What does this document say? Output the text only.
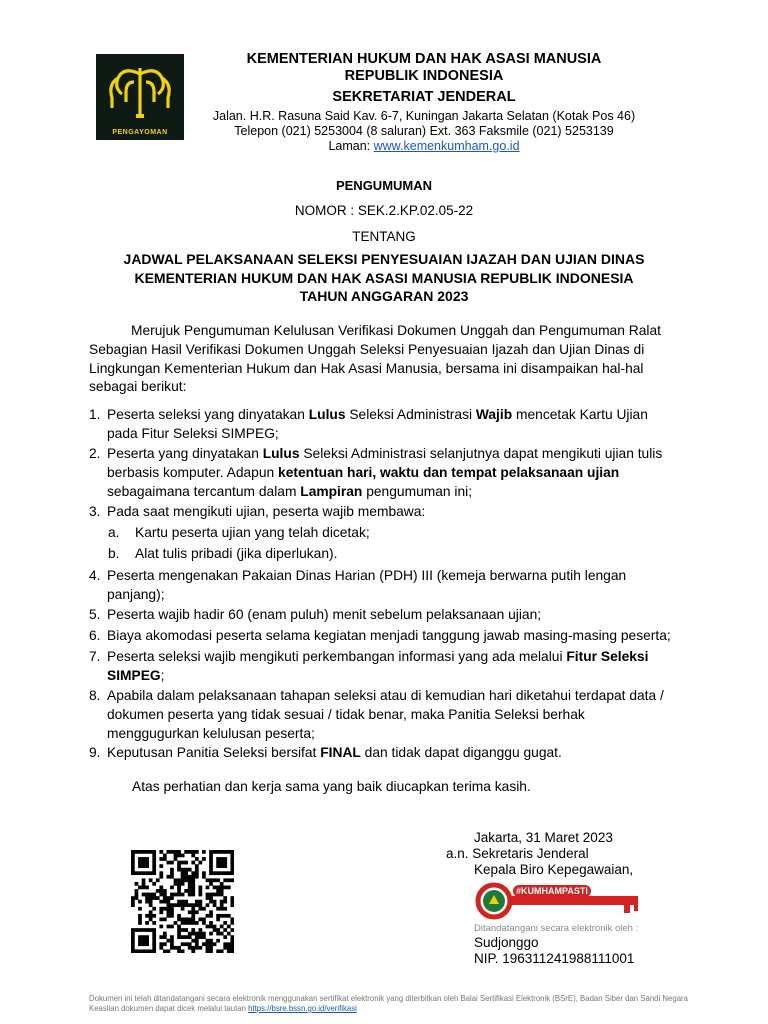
PENGAYOMAN
KEMENTERIAN HUKUM DAN HAK ASASI MANUSIA
REPUBLIK INDONESIA
SEKRETARIAT JENDERAL
Jalan. H.R. Rasuna Said Kav. 6-7, Kuningan Jakarta Selatan (Kotak Pos 46)
Telepon (021) 5253004 (8 saluran) Ext. 363 Faksmile (021) 5253139
Laman: www.kemenkumham.go.id
PENGUMUMAN
NOMOR : SEK.2.KP.02.05-22
TENTANG
JADWAL PELAKSANAAN SELEKSI PENYESUAIAN IJAZAH DAN UJIAN DINAS
KEMENTERIAN HUKUM DAN HAK ASASI MANUSIA REPUBLIK INDONESIA
TAHUN ANGGARAN 2023
Merujuk Pengumuman Kelulusan Verifikasi Dokumen Unggah dan Pengumuman Ralat
Sebagian Hasil Verifikasi Dokumen Unggah Seleksi Penyesuaian Ijazah dan Ujian Dinas di
Lingkungan Kementerian Hukum dan Hak Asasi Manusia, bersama ini disampaikan hal-hal
sebagai berikut:
1. Peserta seleksi yang dinyatakan Lulus Seleksi Administrasi Wajib mencetak Kartu Ujian
pada Fitur Seleksi SIMPEG;
2. Peserta yang dinyatakan Lulus Seleksi Administrasi selanjutnya dapat mengikuti ujian tulis
berbasis komputer. Adapun ketentuan hari, waktu dan tempat pelaksanaan ujian
sebagaimana tercantum dalam Lampiran pengumuman ini;
3. Pada saat mengikuti ujian, peserta wajib membawa:
a. Kartu peserta ujian yang telah dicetak;
b. Alat tulis pribadi (jika diperlukan).
4. Peserta mengenakan Pakaian Dinas Harian (PDH) III (kemeja berwarna putih lengan
panjang);
5. Peserta wajib hadir 60 (enam puluh) menit sebelum pelaksanaan ujian;
6. Biaya akomodasi peserta selama kegiatan menjadi tanggung jawab masing-masing peserta;
7. Peserta seleksi wajib mengikuti perkembangan informasi yang ada melalui Fitur Seleksi
SIMPEG;
8. Apabila dalam pelaksanaan tahapan seleksi atau di kemudian hari diketahui terdapat data /
dokumen peserta yang tidak sesuai / tidak benar, maka Panitia Seleksi berhak
menggugurkan kelulusan peserta;
9. Keputusan Panitia Seleksi bersifat FINAL dan tidak dapat diganggu gugat.
Atas perhatian dan kerja sama yang baik diucapkan terima kasih.
Jakarta, 31 Maret 2023
a.n. Sekretaris Jenderal
Kepala Biro Kepegawaian,
#KUMHAMPASTI
Ditandatangani secara elektronik oleh :
Sudjonggo
NIP. 196311241988111001
Dokumen ini telah ditandatangani secara elektronik menggunakan sertifikat elektronik yang diterbitkan oleh Balai Sertifikasi Elektronik (BSrE), Badan Siber dan Sandi Negara
Keaslian dokumen dapat dicek melalui tautan https://bsre.bssn.go.id/verifikasi
